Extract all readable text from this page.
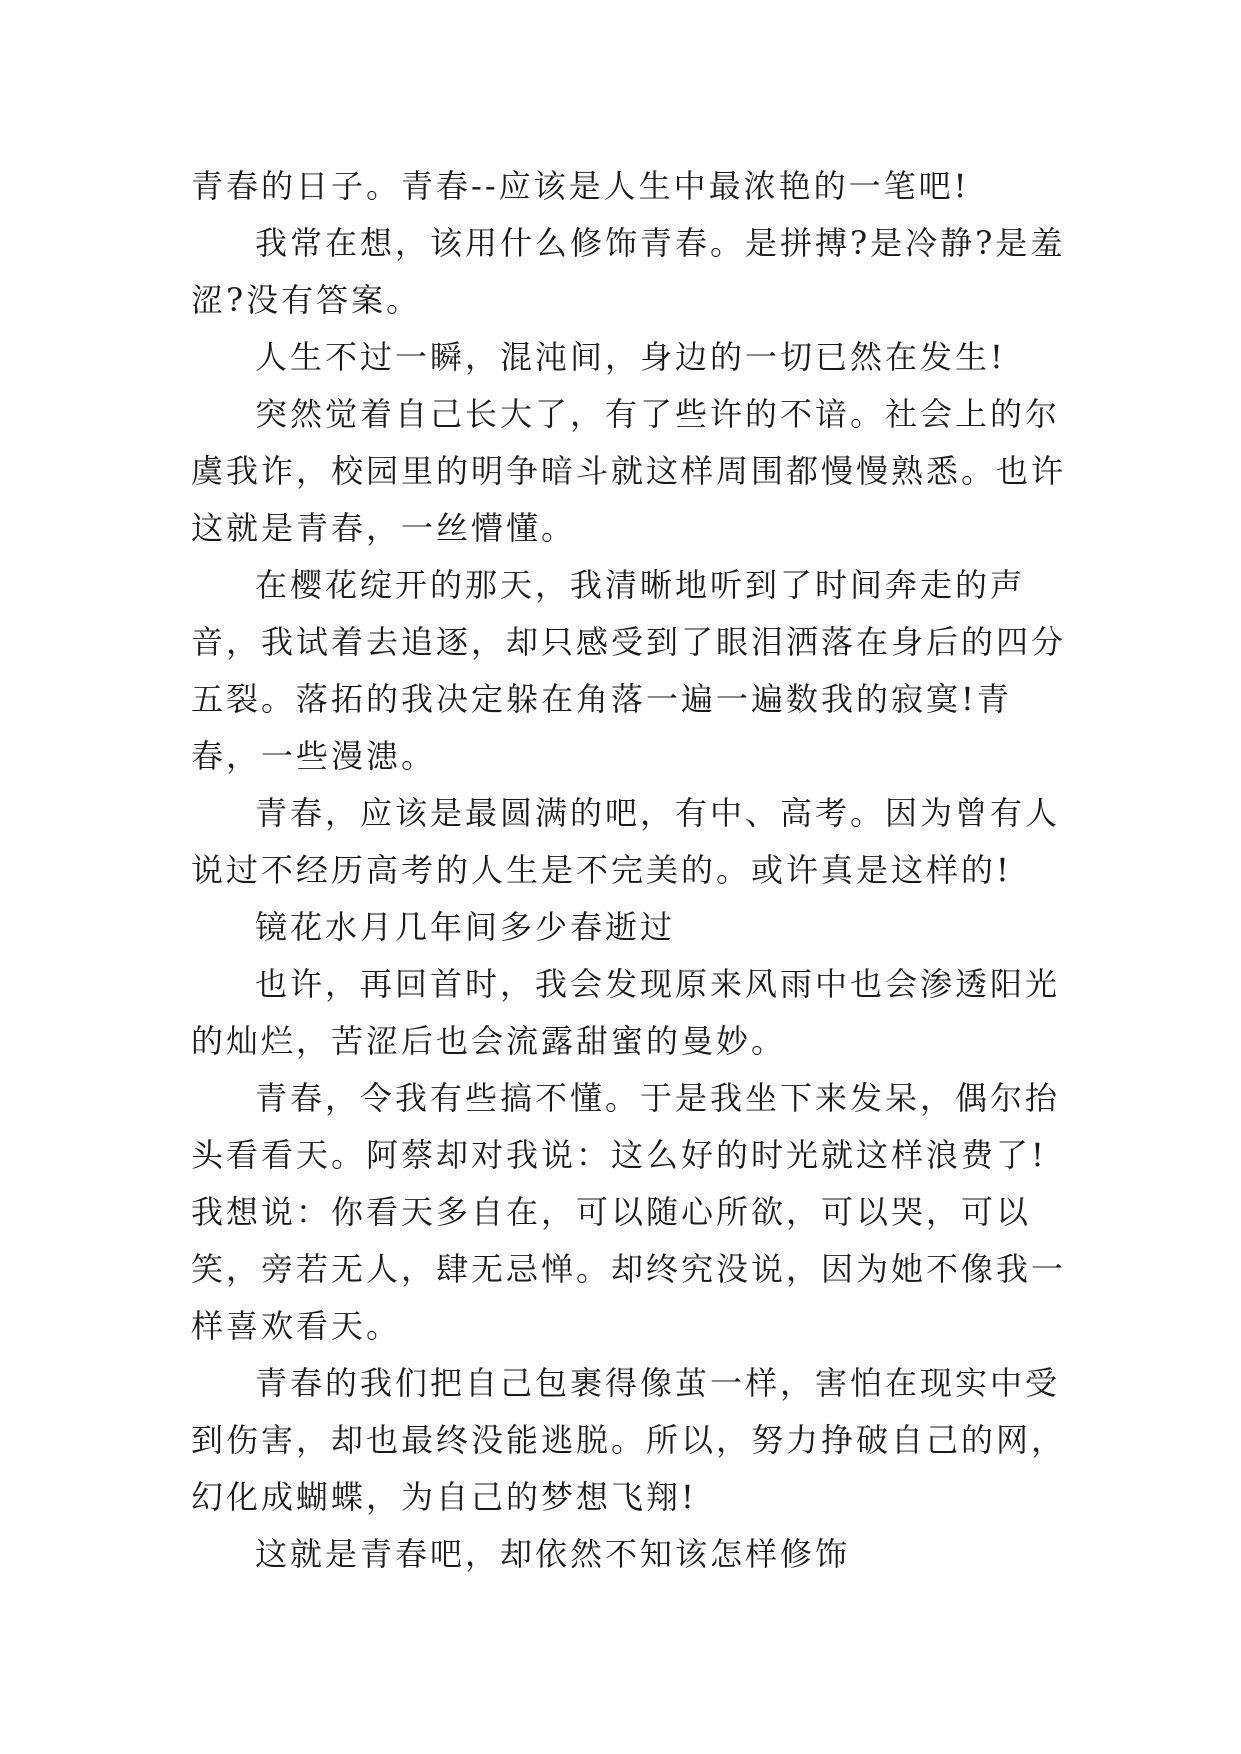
青春的日子。青春--应该是人生中最浓艳的一笔吧!

我常在想，该用什么修饰青春。是拼搏?是冷静?是羞涩?没有答案。

人生不过一瞬，混沌间，身边的一切已然在发生!

突然觉着自己长大了，有了些许的不谙。社会上的尔虞我诈，校园里的明争暗斗就这样周围都慢慢熟悉。也许这就是青春，一丝懵懂。

在樱花绽开的那天，我清晰地听到了时间奔走的声音，我试着去追逐，却只感受到了眼泪洒落在身后的四分五裂。落拓的我决定躲在角落一遍一遍数我的寂寞!青春，一些漫漶。

青春，应该是最圆满的吧，有中、高考。因为曾有人说过不经历高考的人生是不完美的。或许真是这样的!

镜花水月几年间多少春逝过

也许，再回首时，我会发现原来风雨中也会渗透阳光的灿烂，苦涩后也会流露甜蜜的曼妙。

青春，令我有些搞不懂。于是我坐下来发呆，偶尔抬头看看天。阿蔡却对我说：这么好的时光就这样浪费了!我想说：你看天多自在，可以随心所欲，可以哭，可以笑，旁若无人，肆无忌惮。却终究没说，因为她不像我一样喜欢看天。

青春的我们把自己包裹得像茧一样，害怕在现实中受到伤害，却也最终没能逃脱。所以，努力挣破自己的网，幻化成蝴蝶，为自己的梦想飞翔!

这就是青春吧，却依然不知该怎样修饰
